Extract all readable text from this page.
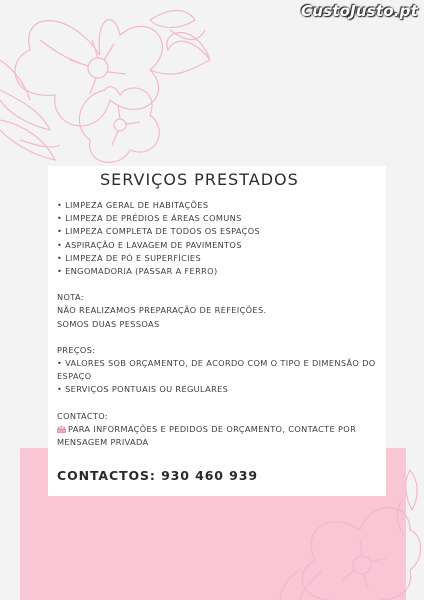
CustoJusto.pt
SERVIÇOS PRESTADOS
• LIMPEZA GERAL DE HABITAÇÕES
• LIMPEZA DE PRÉDIOS E ÁREAS COMUNS
• LIMPEZA COMPLETA DE TODOS OS ESPAÇOS
• ASPIRAÇÃO E LAVAGEM DE PAVIMENTOS
• LIMPEZA DE PÓ E SUPERFÍCIES
• ENGOMADORIA (PASSAR A FERRO)
NOTA:
NÃO REALIZAMOS PREPARAÇÃO DE REFEIÇÕES.
SOMOS DUAS PESSOAS
PREÇOS:
• VALORES SOB ORÇAMENTO, DE ACORDO COM O TIPO E DIMENSÃO DO ESPAÇO
• SERVIÇOS PONTUAIS OU REGULARES
CONTACTO:
PARA INFORMAÇÕES E PEDIDOS DE ORÇAMENTO, CONTACTE POR MENSAGEM PRIVADA
CONTACTOS: 930 460 939
